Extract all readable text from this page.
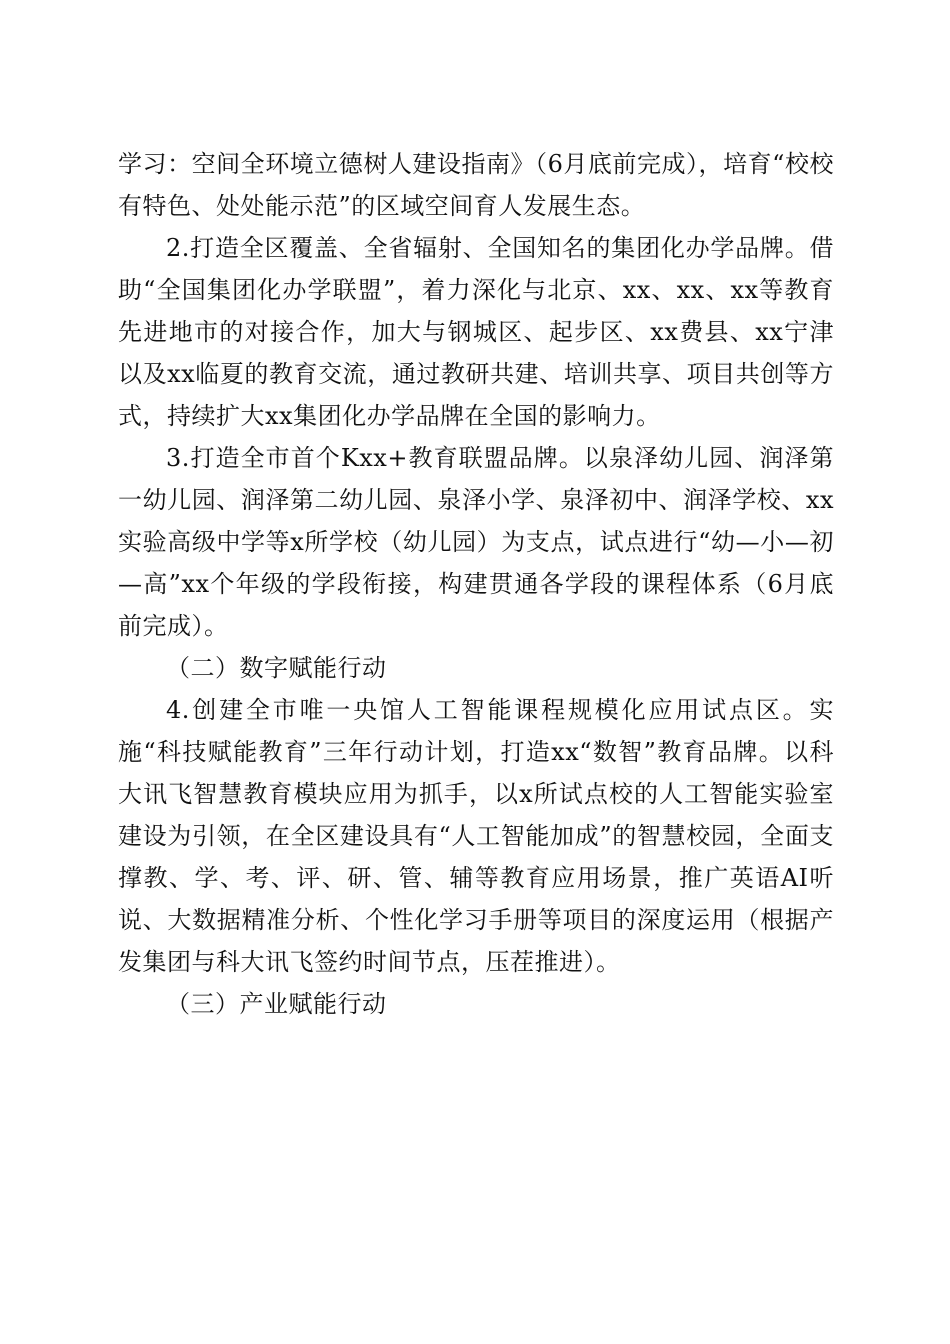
学习：空间全环境立德树人建设指南》（6月底前完成），培育“校校有特色、处处能示范”的区域空间育人发展生态。

2.打造全区覆盖、全省辐射、全国知名的集团化办学品牌。借助“全国集团化办学联盟”，着力深化与北京、xx、xx、xx等教育先进地市的对接合作，加大与钢城区、起步区、xx费县、xx宁津以及xx临夏的教育交流，通过教研共建、培训共享、项目共创等方式，持续扩大xx集团化办学品牌在全国的影响力。

3.打造全市首个Kxx+教育联盟品牌。以泉泽幼儿园、润泽第一幼儿园、润泽第二幼儿园、泉泽小学、泉泽初中、润泽学校、xx实验高级中学等x所学校（幼儿园）为支点，试点进行“幼—小—初—高”xx个年级的学段衔接，构建贯通各学段的课程体系（6月底前完成）。

（二）数字赋能行动

4.创建全市唯一央馆人工智能课程规模化应用试点区。实施“科技赋能教育”三年行动计划，打造xx“数智”教育品牌。以科大讯飞智慧教育模块应用为抓手，以x所试点校的人工智能实验室建设为引领，在全区建设具有“人工智能加成”的智慧校园，全面支撑教、学、考、评、研、管、辅等教育应用场景，推广英语AI听说、大数据精准分析、个性化学习手册等项目的深度运用（根据产发集团与科大讯飞签约时间节点，压茬推进）。

（三）产业赋能行动
